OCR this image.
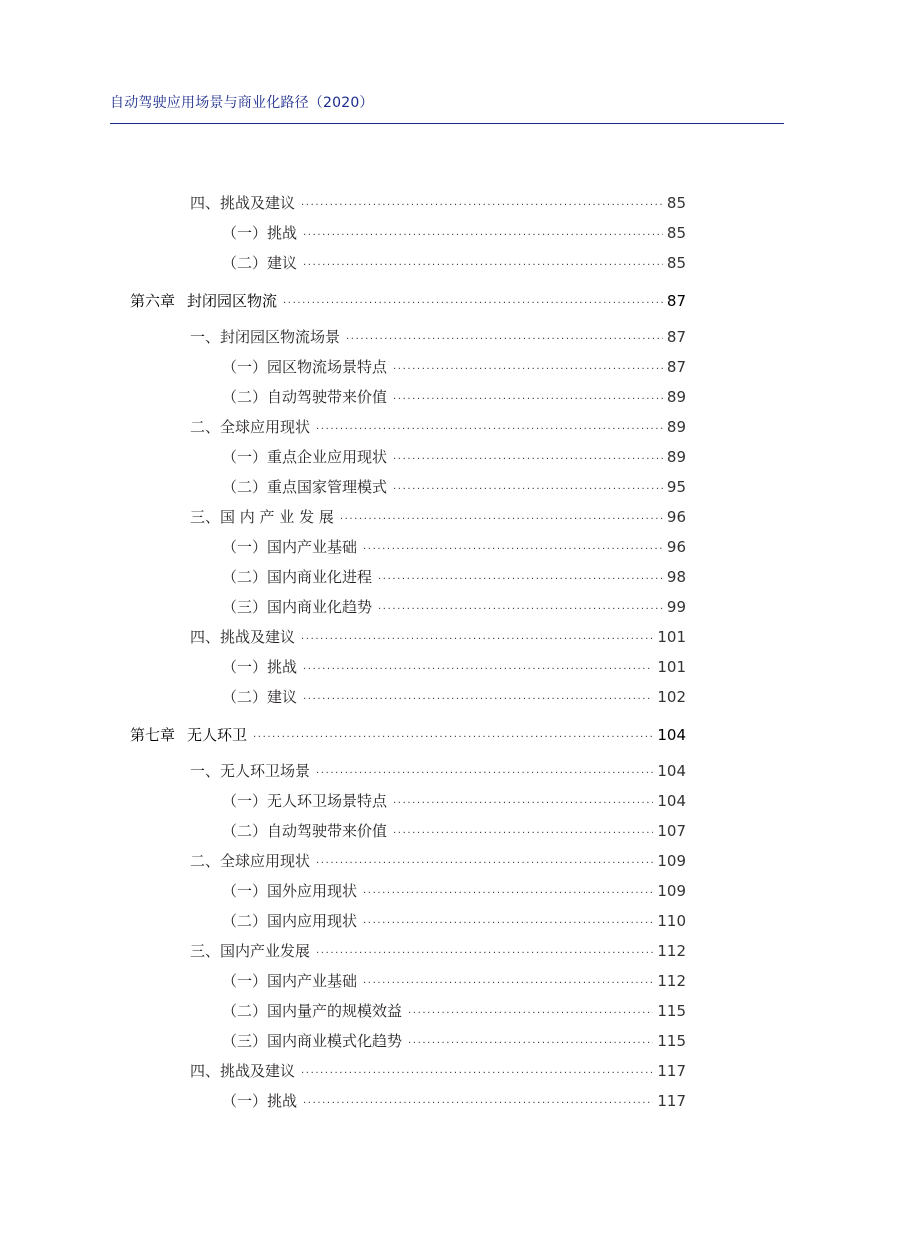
自动驾驶应用场景与商业化路径（2020）
四、挑战及建议 ·····	85
（一）挑战 ·····	85
（二）建议 ·····	85
第六章 封闭园区物流 ·····	87
一、封闭园区物流场景 ·····	87
（一）园区物流场景特点 ·····	87
（二）自动驾驶带来价值 ·····	89
二、全球应用现状 ·····	89
（一）重点企业应用现状 ·····	89
（二）重点国家管理模式 ·····	95
三、国 内 产 业 发 展 ·····	96
（一）国内产业基础 ·····	96
（二）国内商业化进程 ·····	98
（三）国内商业化趋势 ·····	99
四、挑战及建议 ·····	101
（一）挑战 ·····	101
（二）建议 ·····	102
第七章 无人环卫 ·····	104
一、无人环卫场景 ·····	104
（一）无人环卫场景特点 ·····	104
（二）自动驾驶带来价值 ·····	107
二、全球应用现状 ·····	109
（一）国外应用现状 ·····	109
（二）国内应用现状 ·····	110
三、国内产业发展 ·····	112
（一）国内产业基础 ·····	112
（二）国内量产的规模效益 ·····	115
（三）国内商业模式化趋势 ·····	115
四、挑战及建议 ·····	117
（一）挑战 ·····	117
